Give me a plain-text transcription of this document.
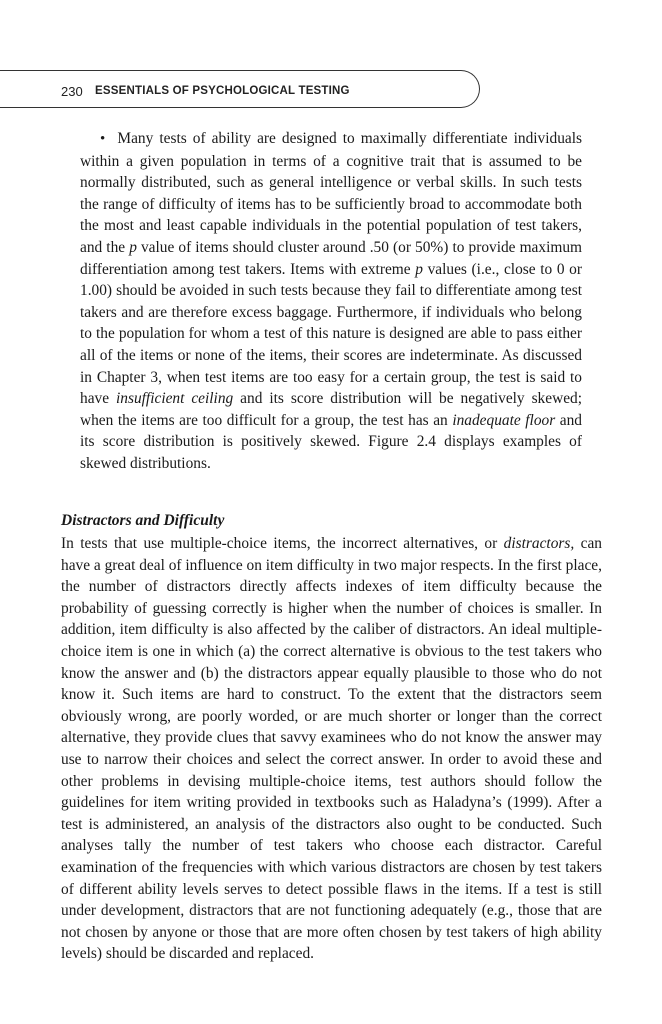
230 ESSENTIALS OF PSYCHOLOGICAL TESTING

• Many tests of ability are designed to maximally differentiate individuals within a given population in terms of a cognitive trait that is assumed to be normally distributed, such as general intelligence or verbal skills. In such tests the range of difficulty of items has to be sufficiently broad to accommodate both the most and least capable individuals in the potential population of test takers, and the p value of items should cluster around .50 (or 50%) to provide maximum differentiation among test takers. Items with extreme p values (i.e., close to 0 or 1.00) should be avoided in such tests because they fail to differentiate among test takers and are therefore excess baggage. Furthermore, if individuals who belong to the population for whom a test of this nature is designed are able to pass either all of the items or none of the items, their scores are indeterminate. As discussed in Chapter 3, when test items are too easy for a certain group, the test is said to have insufficient ceiling and its score distribution will be negatively skewed; when the items are too difficult for a group, the test has an inadequate floor and its score distribution is positively skewed. Figure 2.4 displays examples of skewed distributions.

Distractors and Difficulty

In tests that use multiple-choice items, the incorrect alternatives, or distractors, can have a great deal of influence on item difficulty in two major respects. In the first place, the number of distractors directly affects indexes of item difficulty because the probability of guessing correctly is higher when the number of choices is smaller. In addition, item difficulty is also affected by the caliber of distractors. An ideal multiple-choice item is one in which (a) the correct alternative is obvious to the test takers who know the answer and (b) the distractors appear equally plausible to those who do not know it. Such items are hard to construct. To the extent that the distractors seem obviously wrong, are poorly worded, or are much shorter or longer than the correct alternative, they provide clues that savvy examinees who do not know the answer may use to narrow their choices and select the correct answer. In order to avoid these and other problems in devising multiple-choice items, test authors should follow the guidelines for item writing provided in textbooks such as Haladyna’s (1999). After a test is administered, an analysis of the distractors also ought to be conducted. Such analyses tally the number of test takers who choose each distractor. Careful examination of the frequencies with which various distractors are chosen by test takers of different ability levels serves to detect possible flaws in the items. If a test is still under development, distractors that are not functioning adequately (e.g., those that are not chosen by anyone or those that are more often chosen by test takers of high ability levels) should be discarded and replaced.
